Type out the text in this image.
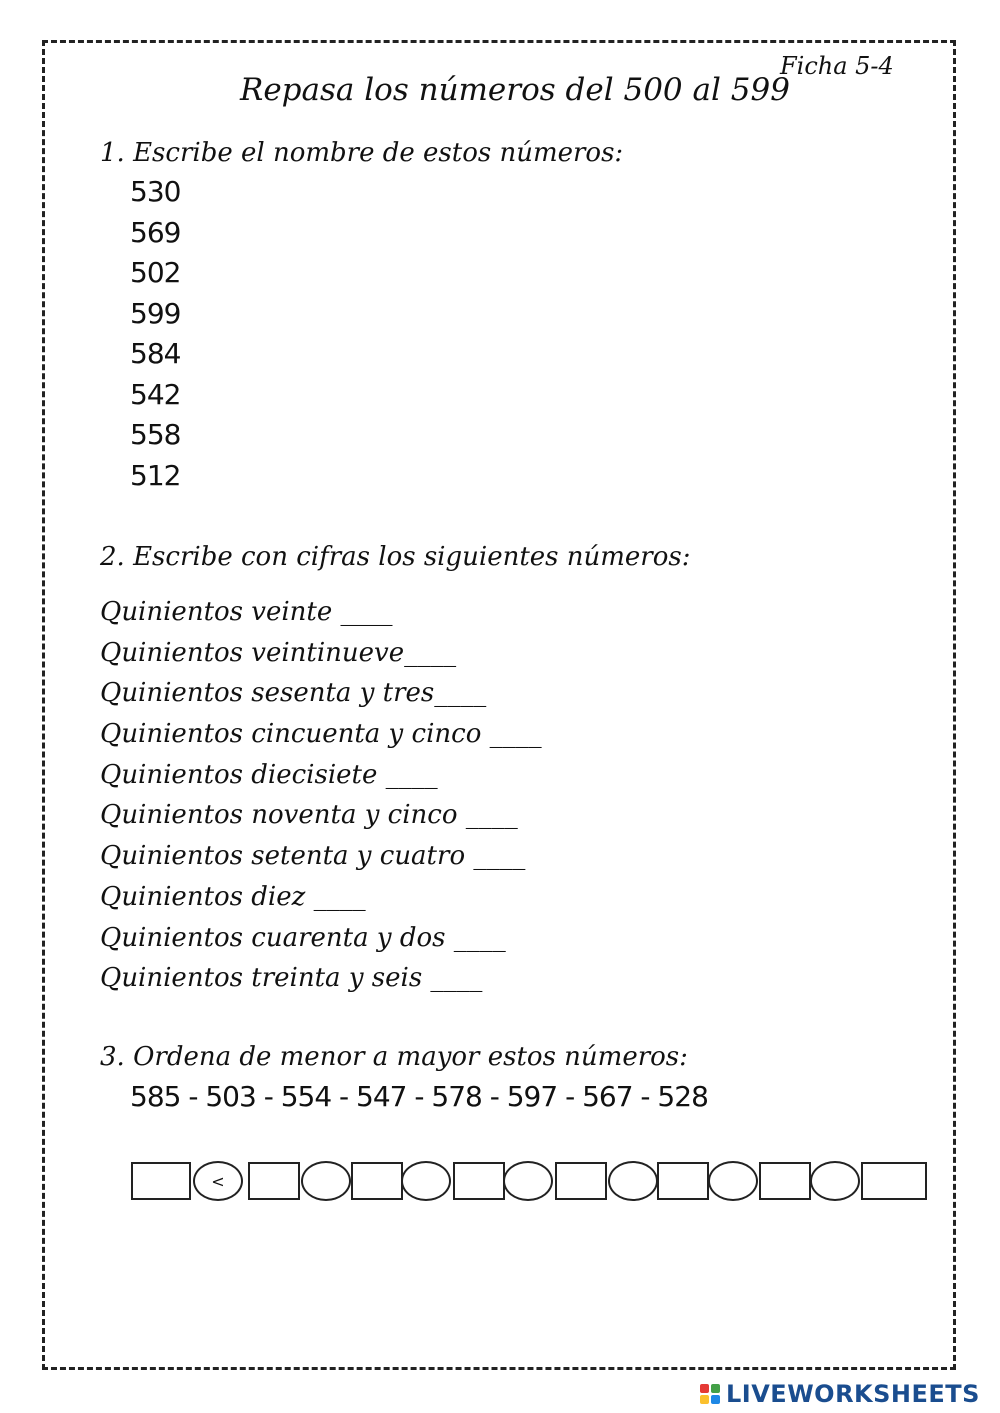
Repasa los números del 500 al 599
Ficha 5-4
1. Escribe el nombre de estos números:
530
569
502
599
584
542
558
512
2. Escribe con cifras los siguientes números:
Quinientos veinte ____
Quinientos veintinueve____
Quinientos sesenta y tres____
Quinientos cincuenta y cinco ____
Quinientos diecisiete ____
Quinientos noventa y cinco ____
Quinientos setenta y cuatro ____
Quinientos diez ____
Quinientos cuarenta y dos ____
Quinientos treinta y seis ____
3. Ordena de menor a mayor estos números:
585 - 503 - 554 - 547 - 578 - 597 - 567 - 528
<
LIVEWORKSHEETS
